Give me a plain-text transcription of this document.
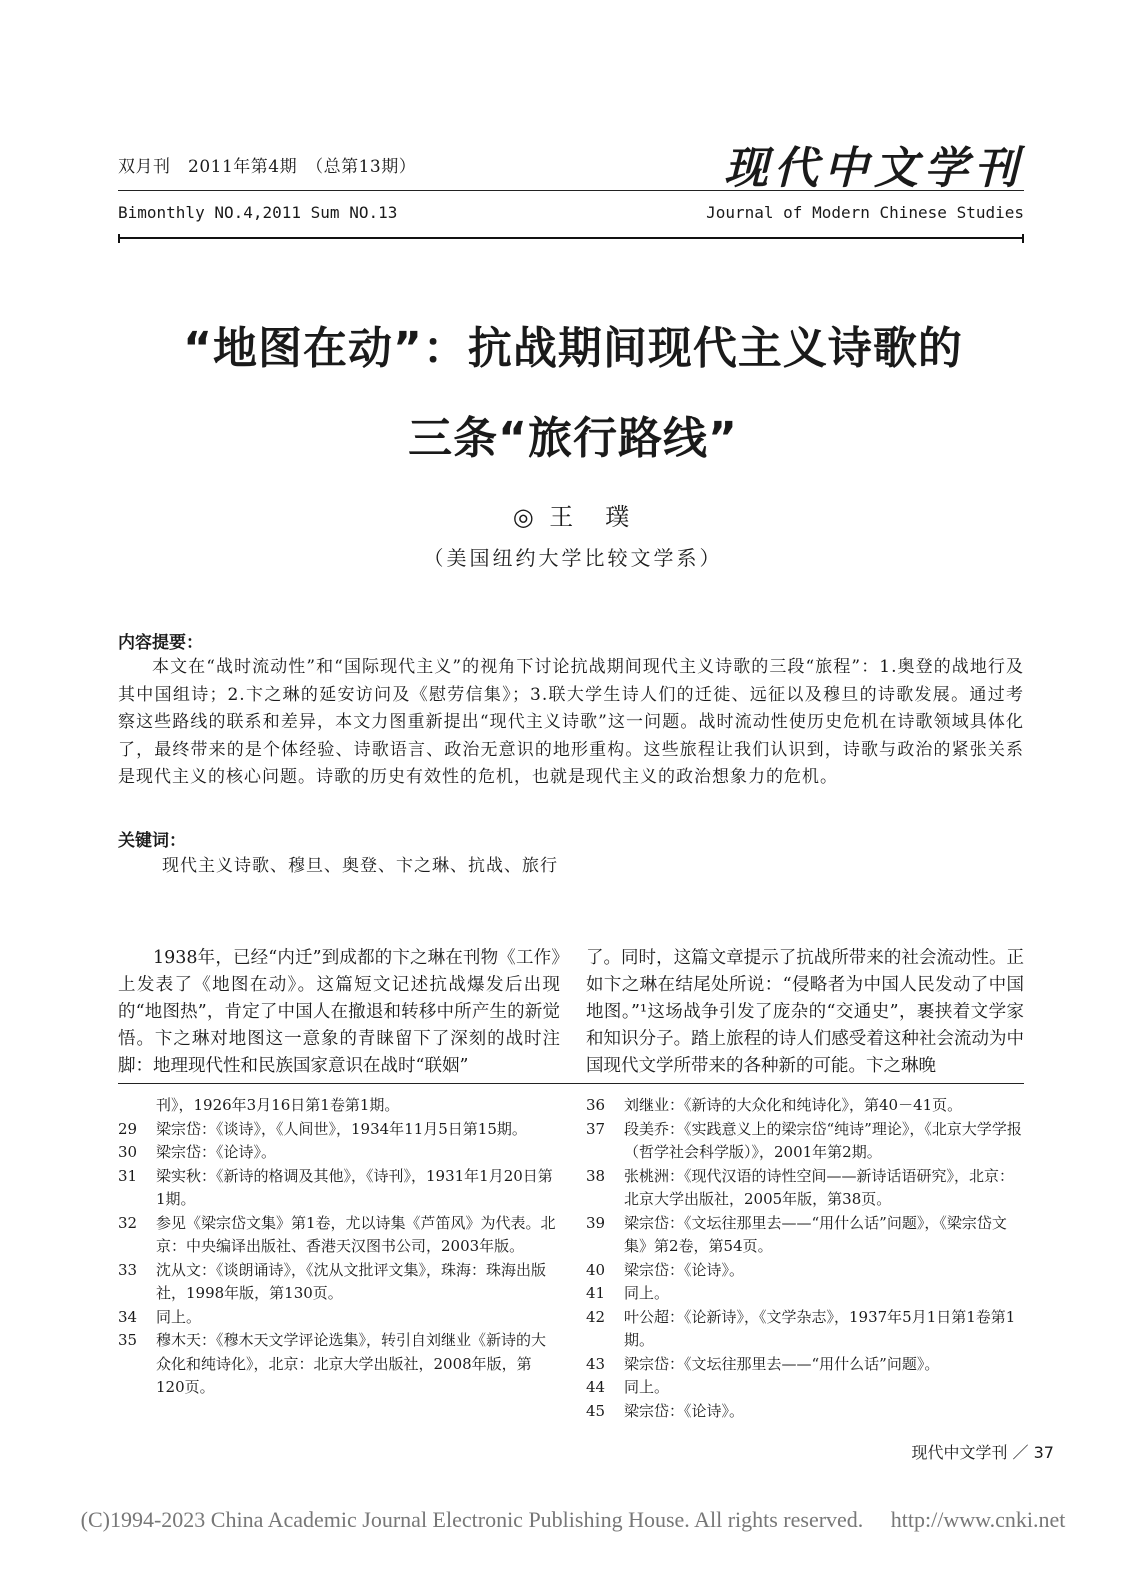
双月刊　2011年第4期　（总第13期）	现代中文学刊
Bimonthly NO.4,2011 Sum NO.13	Journal of Modern Chinese Studies
“地图在动”：抗战期间现代主义诗歌的
三条“旅行路线”
◎ 王　璞
（美国纽约大学比较文学系）
内容提要：
本文在“战时流动性”和“国际现代主义”的视角下讨论抗战期间现代主义诗歌的三段“旅程”：1.奥登的战地行及其中国组诗；2.卞之琳的延安访问及《慰劳信集》；3.联大学生诗人们的迁徙、远征以及穆旦的诗歌发展。通过考察这些路线的联系和差异，本文力图重新提出“现代主义诗歌”这一问题。战时流动性使历史危机在诗歌领域具体化了，最终带来的是个体经验、诗歌语言、政治无意识的地形重构。这些旅程让我们认识到，诗歌与政治的紧张关系是现代主义的核心问题。诗歌的历史有效性的危机，也就是现代主义的政治想象力的危机。
关键词：
现代主义诗歌、穆旦、奥登、卞之琳、抗战、旅行
1938年，已经“内迁”到成都的卞之琳在刊物《工作》上发表了《地图在动》。这篇短文记述抗战爆发后出现的“地图热”，肯定了中国人在撤退和转移中所产生的新觉悟。卞之琳对地图这一意象的青睐留下了深刻的战时注脚：地理现代性和民族国家意识在战时“联姻”
了。同时，这篇文章提示了抗战所带来的社会流动性。正如卞之琳在结尾处所说：“侵略者为中国人民发动了中国地图。”¹这场战争引发了庞杂的“交通史”，裹挟着文学家和知识分子。踏上旅程的诗人们感受着这种社会流动为中国现代文学所带来的各种新的可能。卞之琳晚
刊》，1926年3月16日第1卷第1期。
29	梁宗岱：《谈诗》，《人间世》，1934年11月5日第15期。
30	梁宗岱：《论诗》。
31	梁实秋：《新诗的格调及其他》，《诗刊》，1931年1月20日第1期。
32	参见《梁宗岱文集》第1卷，尤以诗集《芦笛风》为代表。北京：中央编译出版社、香港天汉图书公司，2003年版。
33	沈从文：《谈朗诵诗》，《沈从文批评文集》，珠海：珠海出版社，1998年版，第130页。
34	同上。
35	穆木天：《穆木天文学评论选集》，转引自刘继业《新诗的大众化和纯诗化》，北京：北京大学出版社，2008年版，第120页。
36	刘继业：《新诗的大众化和纯诗化》，第40－41页。
37	段美乔：《实践意义上的梁宗岱“纯诗”理论》，《北京大学学报（哲学社会科学版）》，2001年第2期。
38	张桃洲：《现代汉语的诗性空间——新诗话语研究》，北京：北京大学出版社，2005年版，第38页。
39	梁宗岱：《文坛往那里去——“用什么话”问题》，《梁宗岱文集》第2卷，第54页。
40	梁宗岱：《论诗》。
41	同上。
42	叶公超：《论新诗》，《文学杂志》，1937年5月1日第1卷第1期。
43	梁宗岱：《文坛往那里去——“用什么话”问题》。
44	同上。
45	梁宗岱：《论诗》。
现代中文学刊 ／ 37
(C)1994-2023 China Academic Journal Electronic Publishing House. All rights reserved.　 http://www.cnki.net
